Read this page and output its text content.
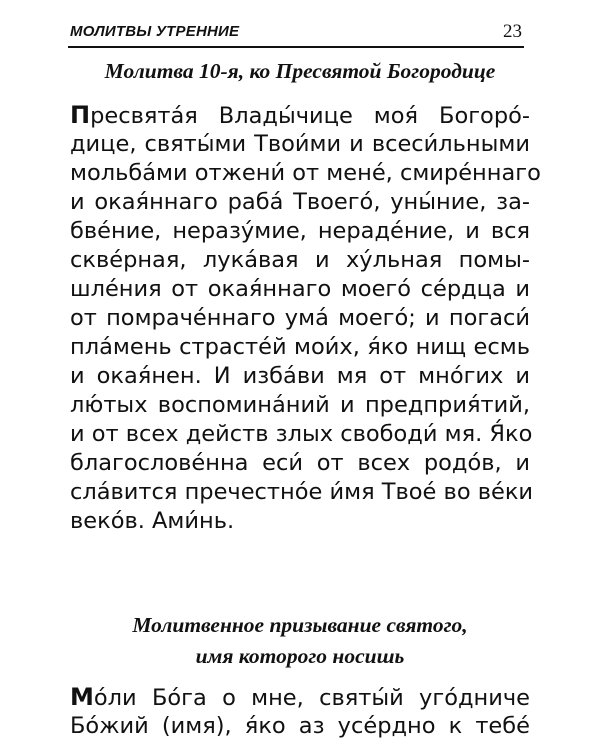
МОЛИТВЫ УТРЕННИЕ	23
Молитва 10-я, ко Пресвятой Богородице
Пресвята́я Влады́чице моя́ Богоро́-
дице, святы́ми Твои́ми и всеси́льными
мольба́ми отжени́ от мене́, смире́ннаго
и окая́ннаго раба́ Твоего́, уны́ние, за-
бве́ние, неразу́мие, нераде́ние, и вся
скве́рная, лука́вая и ху́льная помы-
шле́ния от окая́ннаго моего́ се́рдца и
от помраче́ннаго ума́ моего́; и погаси́
пла́мень страсте́й мои́х, я́ко нищ есмь
и окая́нен. И изба́ви мя от мно́гих и
лю́тых воспомина́ний и предприя́тий,
и от всех действ злых свободи́ мя. Я́ко
благослове́нна еси́ от всех родо́в, и
сла́вится пречестно́е и́мя Твое́ во ве́ки
веко́в. Ами́нь.
Молитвенное призывание святого,
имя которого носишь
Мо́ли Бо́га о мне, святы́й уго́дниче
Бо́жий (имя), я́ко аз усе́рдно к тебе́
